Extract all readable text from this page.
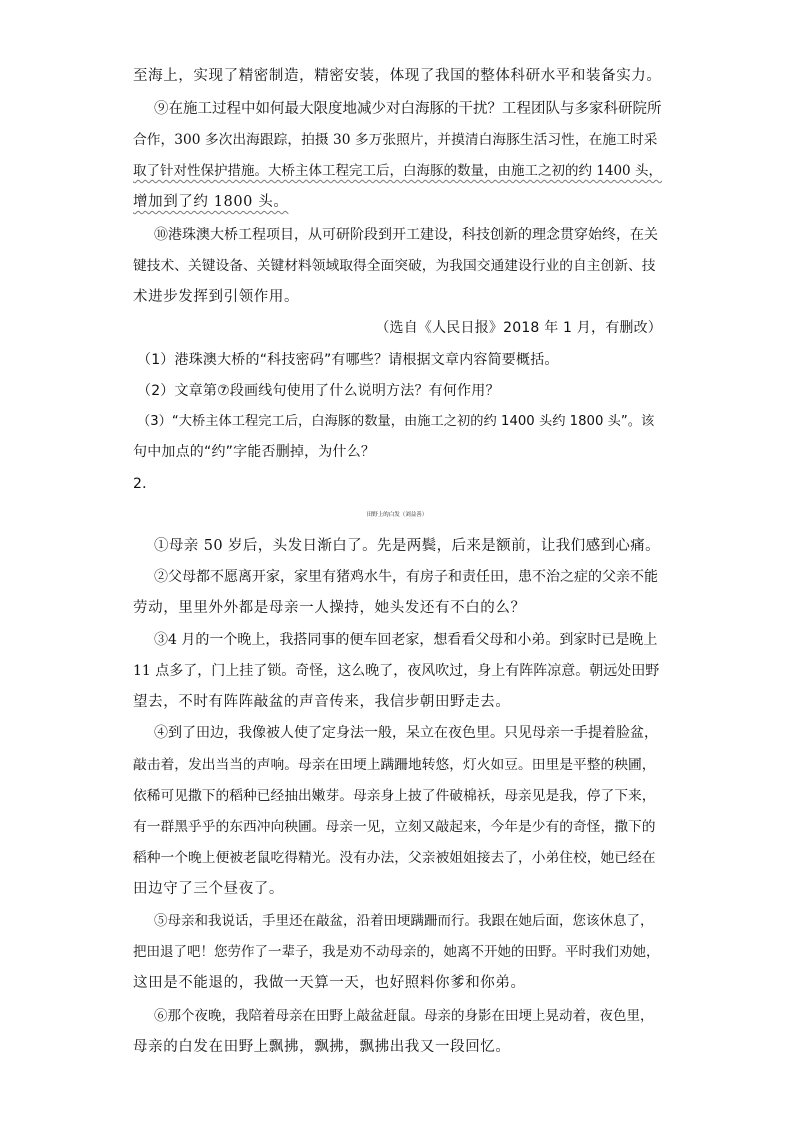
至海上，实现了精密制造，精密安装，体现了我国的整体科研水平和装备实力。
⑨在施工过程中如何最大限度地减少对白海豚的干扰？工程团队与多家科研院所
合作，300 多次出海跟踪，拍摄 30 多万张照片，并摸清白海豚生活习性，在施工时采
取了针对性保护措施。大桥主体工程完工后，白海豚的数量，由施工之初的约 1400 头，
增加到了约 1800 头。
⑩港珠澳大桥工程项目，从可研阶段到开工建设，科技创新的理念贯穿始终，在关
键技术、关键设备、关键材料领域取得全面突破，为我国交通建设行业的自主创新、技
术进步发挥到引领作用。
（选自《人民日报》2018 年 1 月，有删改）
（1）港珠澳大桥的“科技密码”有哪些？请根据文章内容简要概括。
（2）文章第⑦段画线句使用了什么说明方法？有何作用？
（3）“大桥主体工程完工后，白海豚的数量，由施工之初的约 1400 头约 1800 头”。该
句中加点的“约”字能否删掉，为什么？
2．
田野上的白发（刘益善）
①母亲 50 岁后，头发日渐白了。先是两鬓，后来是额前，让我们感到心痛。
②父母都不愿离开家，家里有猪鸡水牛，有房子和责任田，患不治之症的父亲不能
劳动，里里外外都是母亲一人操持，她头发还有不白的么？
③4 月的一个晚上，我搭同事的便车回老家，想看看父母和小弟。到家时已是晚上
11 点多了，门上挂了锁。奇怪，这么晚了，夜风吹过，身上有阵阵凉意。朝远处田野
望去，不时有阵阵敲盆的声音传来，我信步朝田野走去。
④到了田边，我像被人使了定身法一般，呆立在夜色里。只见母亲一手提着脸盆，
敲击着，发出当当的声响。母亲在田埂上蹒跚地转悠，灯火如豆。田里是平整的秧圃，
依稀可见撒下的稻种已经抽出嫩芽。母亲身上披了件破棉袄，母亲见是我，停了下来，
有一群黑乎乎的东西冲向秧圃。母亲一见，立刻又敲起来，今年是少有的奇怪，撒下的
稻种一个晚上便被老鼠吃得精光。没有办法，父亲被姐姐接去了，小弟住校，她已经在
田边守了三个昼夜了。
⑤母亲和我说话，手里还在敲盆，沿着田埂蹒跚而行。我跟在她后面，您该休息了，
把田退了吧！您劳作了一辈子，我是劝不动母亲的，她离不开她的田野。平时我们劝她，
这田是不能退的，我做一天算一天，也好照料你爹和你弟。
⑥那个夜晚，我陪着母亲在田野上敲盆赶鼠。母亲的身影在田埂上晃动着，夜色里，
母亲的白发在田野上飘拂，飘拂，飘拂出我又一段回忆。
